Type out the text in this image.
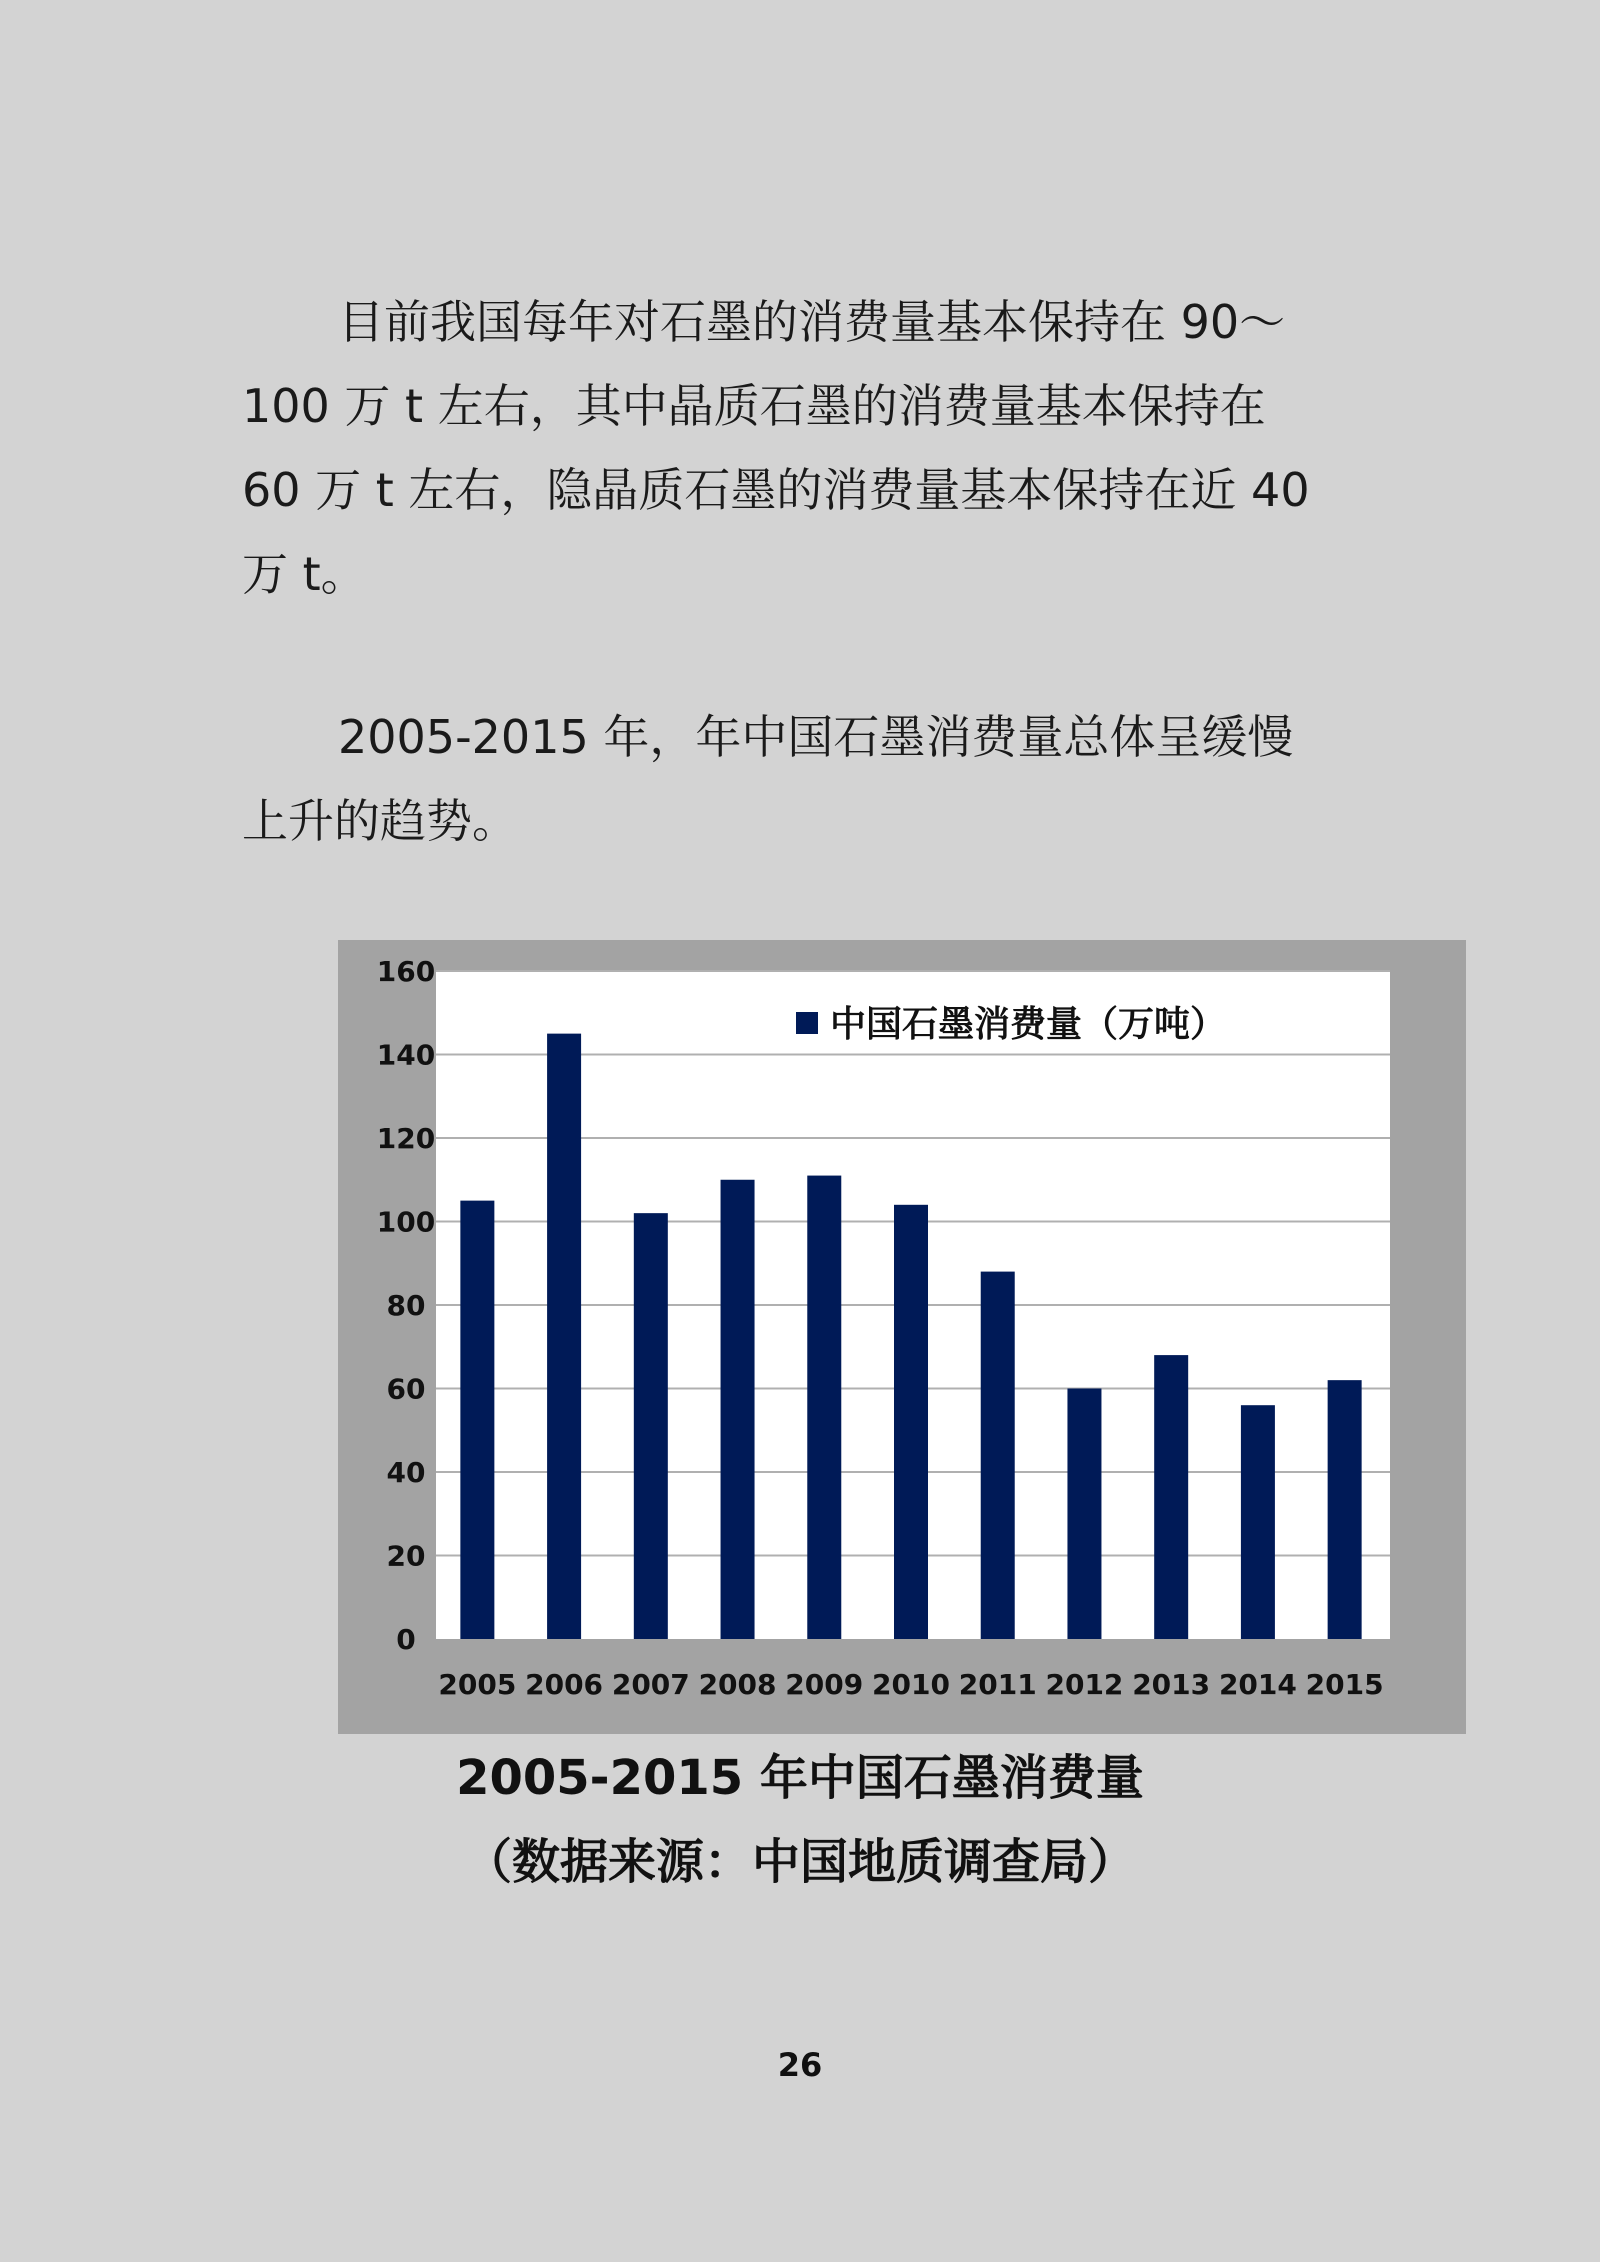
目前我国每年对石墨的消费量基本保持在 90～
100 万 t 左右，其中晶质石墨的消费量基本保持在
60 万 t 左右，隐晶质石墨的消费量基本保持在近 40
万 t。
2005-2015 年，年中国石墨消费量总体呈缓慢
上升的趋势。
0
20
40
60
80
100
120
140
160
2005 2006 2007 2008 2009 2010 2011 2012 2013 2014 2015
中国石墨消费量（万吨）

2005-2015 年中国石墨消费量

（数据来源：中国地质调查局）

26
